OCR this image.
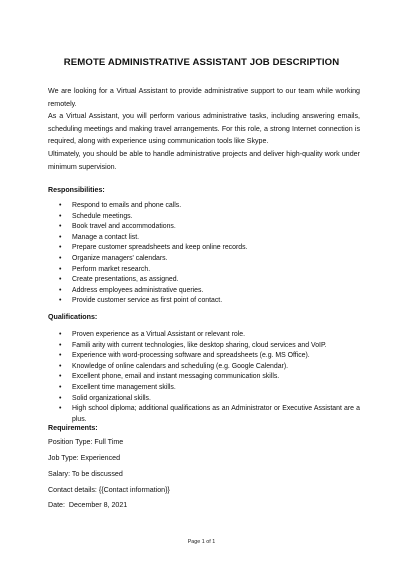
REMOTE ADMINISTRATIVE ASSISTANT JOB DESCRIPTION

We are looking for a Virtual Assistant to provide administrative support to our team while working remotely.

As a Virtual Assistant, you will perform various administrative tasks, including answering emails, scheduling meetings and making travel arrangements. For this role, a strong Internet connection is required, along with experience using communication tools like Skype.

Ultimately, you should be able to handle administrative projects and deliver high-quality work under minimum supervision.

Responsibilities:

• Respond to emails and phone calls.
• Schedule meetings.
• Book travel and accommodations.
• Manage a contact list.
• Prepare customer spreadsheets and keep online records.
• Organize managers' calendars.
• Perform market research.
• Create presentations, as assigned.
• Address employees administrative queries.
• Provide customer service as first point of contact.

Qualifications:

• Proven experience as a Virtual Assistant or relevant role.
• Famili arity with current technologies, like desktop sharing, cloud services and VoIP.
• Experience with word-processing software and spreadsheets (e.g. MS Office).
• Knowledge of online calendars and scheduling (e.g. Google Calendar).
• Excellent phone, email and instant messaging communication skills.
• Excellent time management skills.
• Solid organizational skills.
• High school diploma; additional qualifications as an Administrator or Executive Assistant are a plus.

Requirements:

Position Type: Full Time

Job Type: Experienced

Salary: To be discussed

Contact details: {{Contact information}}

Date:  December 8, 2021

Page 1 of 1
